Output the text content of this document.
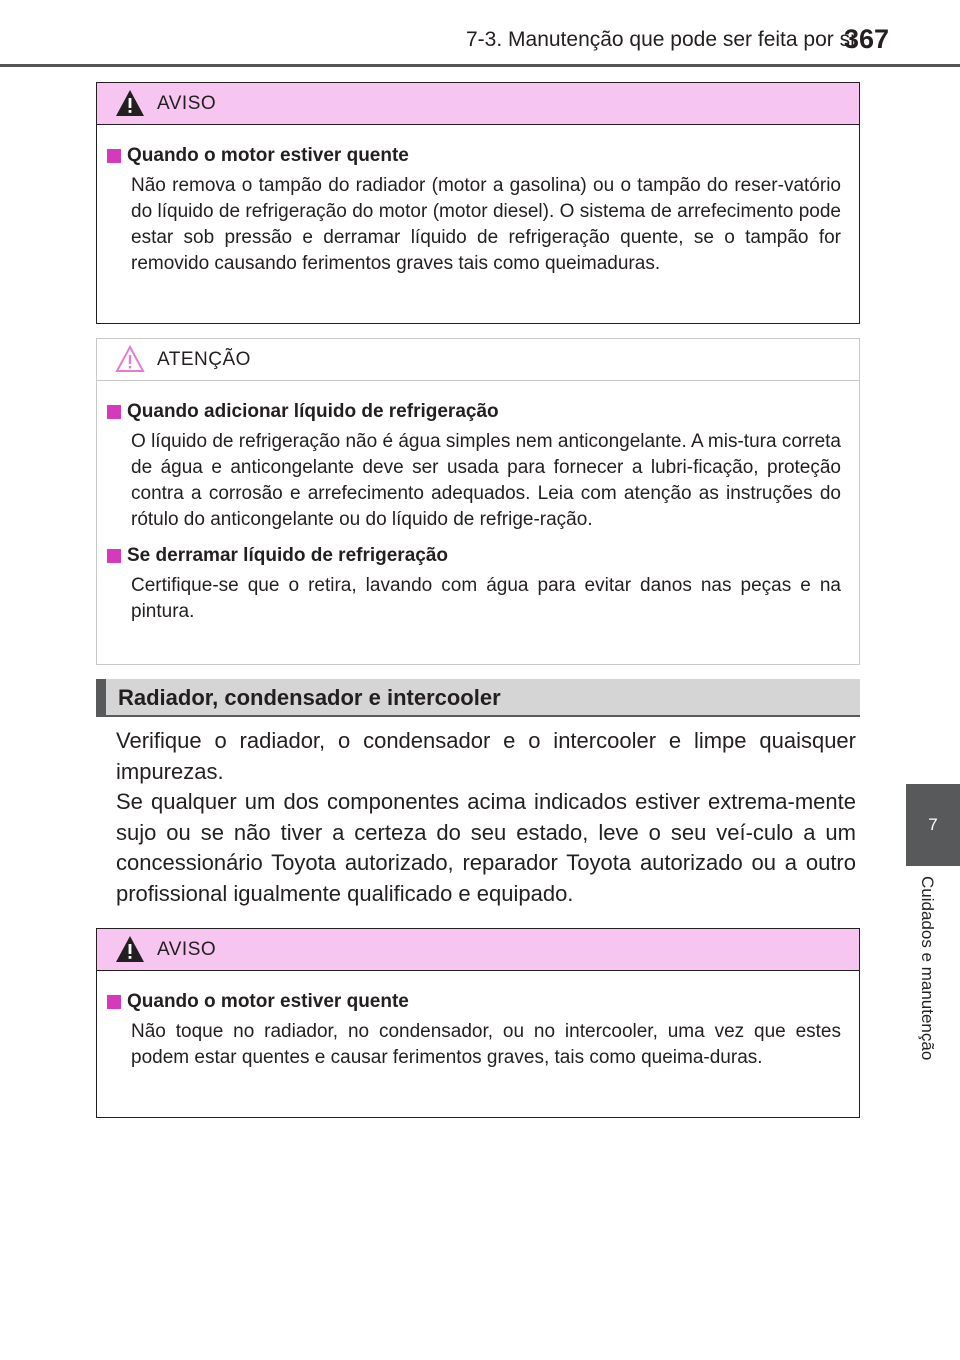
7-3. Manutenção que pode ser feita por si
367
7
Cuidados e manutenção
AVISO
Quando o motor estiver quente

Não remova o tampão do radiador (motor a gasolina) ou o tampão do reser-vatório do líquido de refrigeração do motor (motor diesel). O sistema de arrefecimento pode estar sob pressão e derramar líquido de refrigeração quente, se o tampão for removido causando ferimentos graves tais como queimaduras.

ATENÇÃO
Quando adicionar líquido de refrigeração

O líquido de refrigeração não é água simples nem anticongelante. A mis-tura correta de água e anticongelante deve ser usada para fornecer a lubri-ficação, proteção contra a corrosão e arrefecimento adequados. Leia com atenção as instruções do rótulo do anticongelante ou do líquido de refrige-ração.

Se derramar líquido de refrigeração

Certifique-se que o retira, lavando com água para evitar danos nas peças e na pintura.

Radiador, condensador e intercooler

Verifique o radiador, o condensador e o intercooler e limpe quaisquer impurezas.

Se qualquer um dos componentes acima indicados estiver extrema-mente sujo ou se não tiver a certeza do seu estado, leve o seu veí-culo a um concessionário Toyota autorizado, reparador Toyota autorizado ou a outro profissional igualmente qualificado e equipado.

AVISO
Quando o motor estiver quente

Não toque no radiador, no condensador, ou no intercooler, uma vez que estes podem estar quentes e causar ferimentos graves, tais como queima-duras.
